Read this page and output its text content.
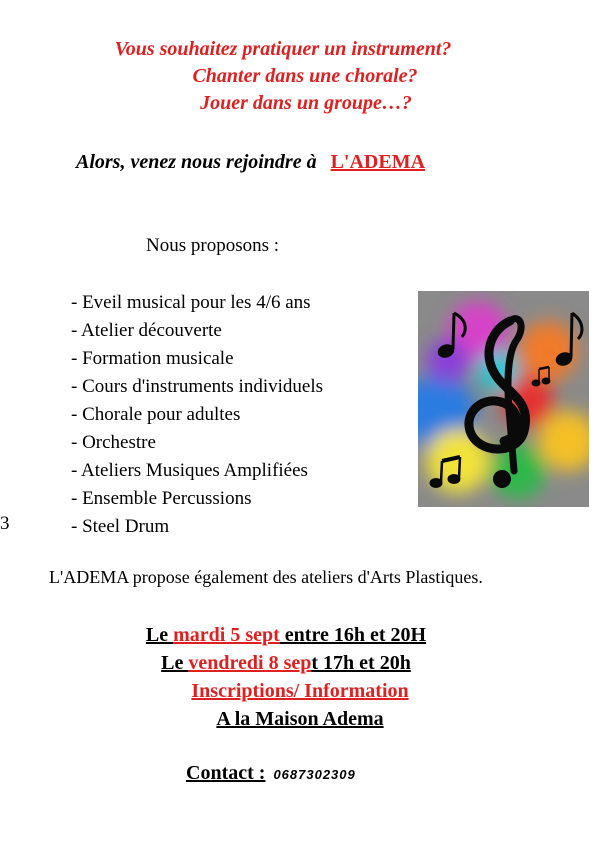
Vous souhaitez pratiquer un instrument?
Chanter dans une chorale?
Jouer dans un groupe…?
Alors, venez nous rejoindre à L'ADEMA
Nous proposons :
- Eveil musical pour les 4/6 ans
- Atelier découverte
- Formation musicale
- Cours d'instruments individuels
- Chorale pour adultes
- Orchestre
- Ateliers Musiques Amplifiées
- Ensemble Percussions
- Steel Drum
3
L'ADEMA propose également des ateliers d'Arts Plastiques.
Le mardi 5 sept entre 16h et 20H
Le vendredi 8 sept 17h et 20h
Inscriptions/ Information
A la Maison Adema
Contact : 0687302309
